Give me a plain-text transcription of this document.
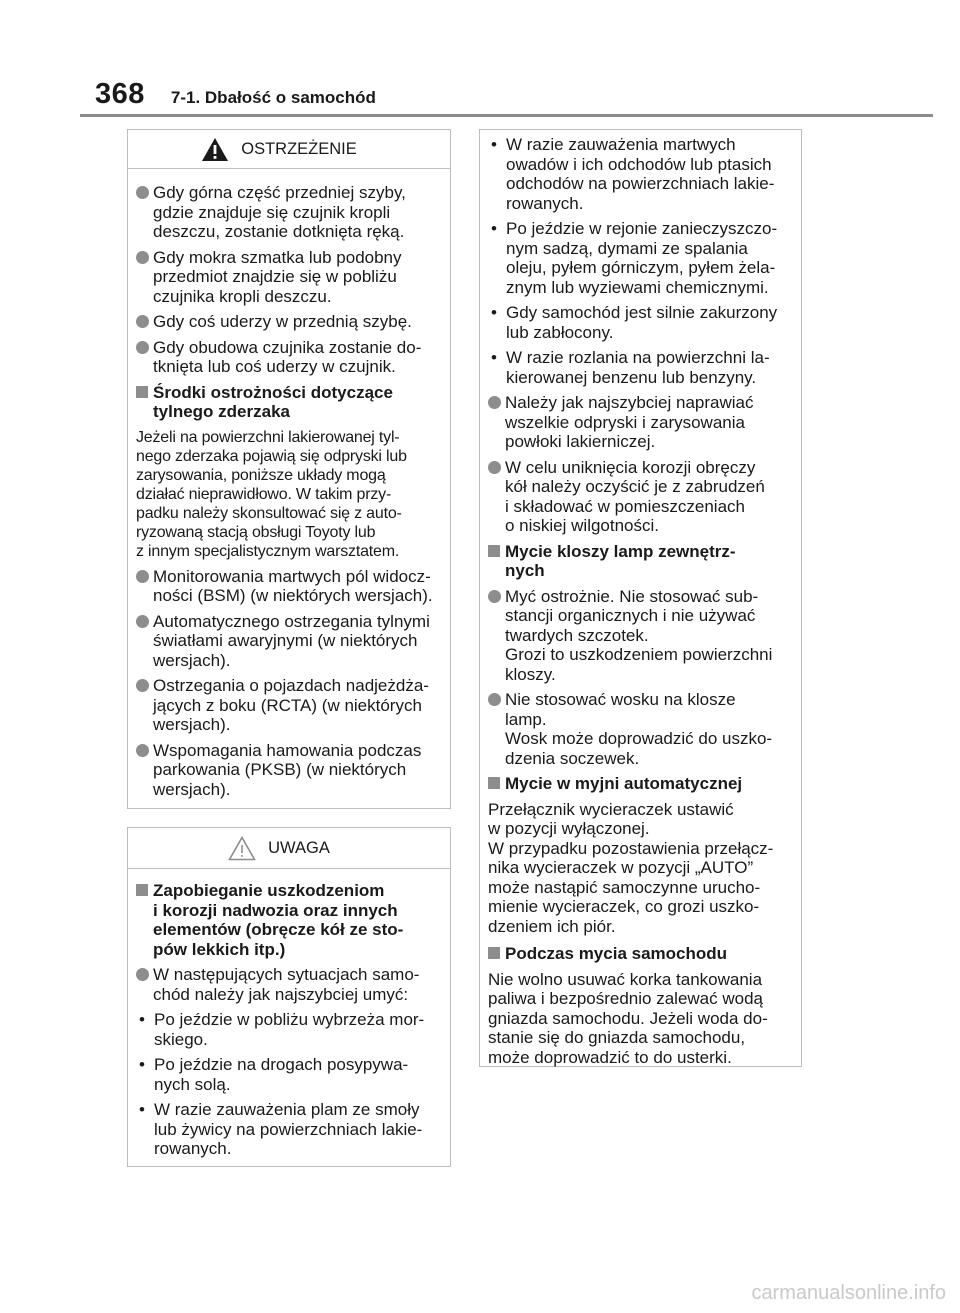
368 7-1. Dbałość o samochód
OSTRZEŻENIE
Gdy górna część przedniej szyby,
gdzie znajduje się czujnik kropli
deszczu, zostanie dotknięta ręką.
Gdy mokra szmatka lub podobny
przedmiot znajdzie się w pobliżu
czujnika kropli deszczu.
Gdy coś uderzy w przednią szybę.
Gdy obudowa czujnika zostanie do-
tknięta lub coś uderzy w czujnik.
Środki ostrożności dotyczące
tylnego zderzaka
Jeżeli na powierzchni lakierowanej tyl-
nego zderzaka pojawią się odpryski lub
zarysowania, poniższe układy mogą
działać nieprawidłowo. W takim przy-
padku należy skonsultować się z auto-
ryzowaną stacją obsługi Toyoty lub
z innym specjalistycznym warsztatem.
Monitorowania martwych pól widocz-
ności (BSM) (w niektórych wersjach).
Automatycznego ostrzegania tylnymi
światłami awaryjnymi (w niektórych
wersjach).
Ostrzegania o pojazdach nadjeżdża-
jących z boku (RCTA) (w niektórych
wersjach).
Wspomagania hamowania podczas
parkowania (PKSB) (w niektórych
wersjach).
UWAGA
Zapobieganie uszkodzeniom
i korozji nadwozia oraz innych
elementów (obręcze kół ze sto-
pów lekkich itp.)
W następujących sytuacjach samo-
chód należy jak najszybciej umyć:
• Po jeździe w pobliżu wybrzeża mor-
skiego.
• Po jeździe na drogach posypywa-
nych solą.
• W razie zauważenia plam ze smoły
lub żywicy na powierzchniach lakie-
rowanych.
• W razie zauważenia martwych
owadów i ich odchodów lub ptasich
odchodów na powierzchniach lakie-
rowanych.
• Po jeździe w rejonie zanieczyszczo-
nym sadzą, dymami ze spalania
oleju, pyłem górniczym, pyłem żela-
znym lub wyziewami chemicznymi.
• Gdy samochód jest silnie zakurzony
lub zabłocony.
• W razie rozlania na powierzchni la-
kierowanej benzenu lub benzyny.
Należy jak najszybciej naprawiać
wszelkie odpryski i zarysowania
powłoki lakierniczej.
W celu uniknięcia korozji obręczy
kół należy oczyścić je z zabrudzeń
i składować w pomieszczeniach
o niskiej wilgotności.
Mycie kloszy lamp zewnętrz-
nych
Myć ostrożnie. Nie stosować sub-
stancji organicznych i nie używać
twardych szczotek.
Grozi to uszkodzeniem powierzchni
kloszy.
Nie stosować wosku na klosze
lamp.
Wosk może doprowadzić do uszko-
dzenia soczewek.
Mycie w myjni automatycznej
Przełącznik wycieraczek ustawić
w pozycji wyłączonej.
W przypadku pozostawienia przełącz-
nika wycieraczek w pozycji „AUTO”
może nastąpić samoczynne urucho-
mienie wycieraczek, co grozi uszko-
dzeniem ich piór.
Podczas mycia samochodu
Nie wolno usuwać korka tankowania
paliwa i bezpośrednio zalewać wodą
gniazda samochodu. Jeżeli woda do-
stanie się do gniazda samochodu,
może doprowadzić to do usterki.
carmanualsonline.info
